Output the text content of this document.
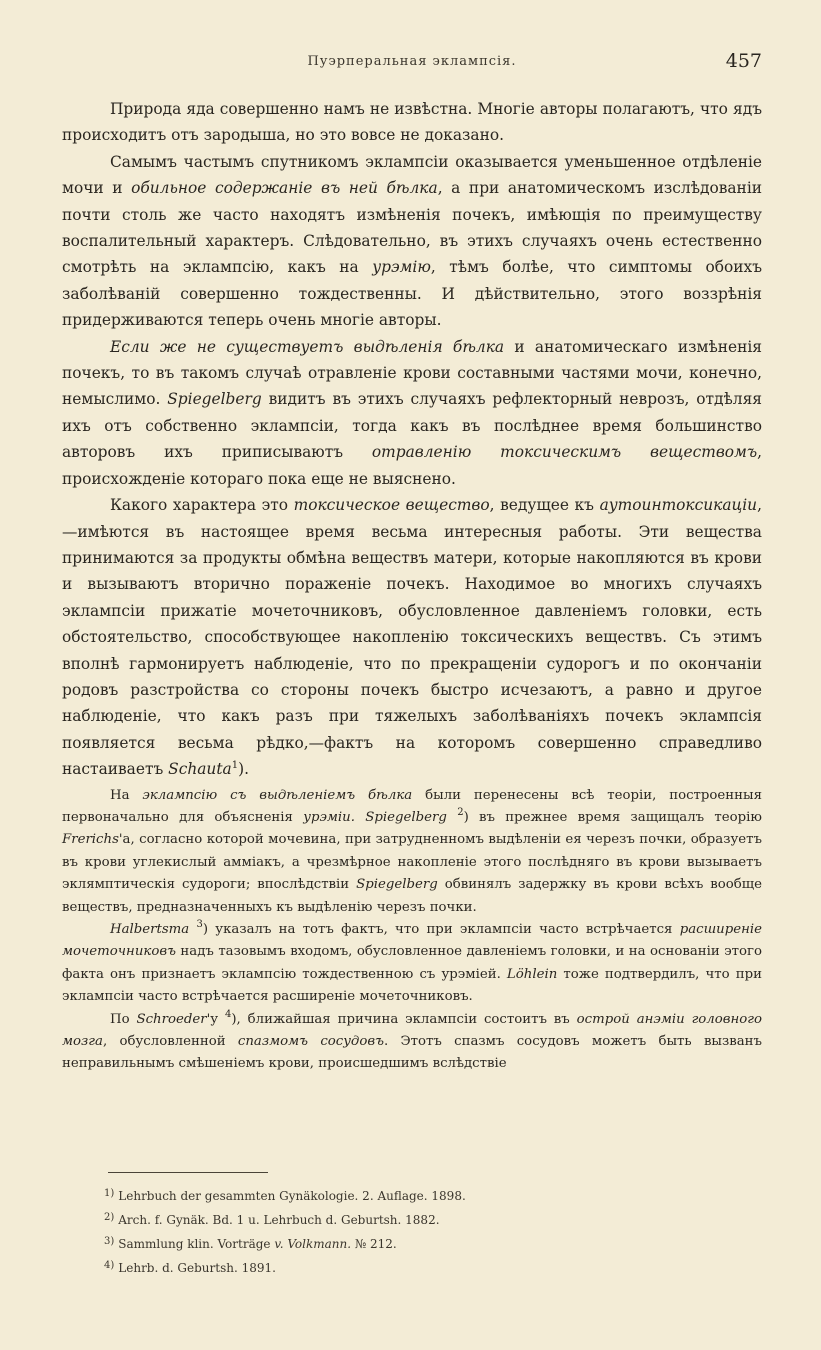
Пуэрперальная эклампсія.	457

Природа яда совершенно намъ не извѣстна. Многіе авторы полагаютъ, что ядъ происходитъ отъ зародыша, но это вовсе не доказано.

Самымъ частымъ спутникомъ эклампсіи оказывается уменьшенное отдѣленіе мочи и обильное содержаніе въ ней бѣлка, а при анатомическомъ изслѣдованіи почти столь же часто находятъ измѣненія почекъ, имѣющія по преимуществу воспалительный характеръ. Слѣдовательно, въ этихъ случаяхъ очень естественно смотрѣть на эклампсію, какъ на урэмію, тѣмъ болѣе, что симптомы обоихъ заболѣваній совершенно тождественны. И дѣйствительно, этого воззрѣнія придерживаются теперь очень многіе авторы.

Если же не существуетъ выдѣленія бѣлка и анатомическаго измѣненія почекъ, то въ такомъ случаѣ отравленіе крови составными частями мочи, конечно, немыслимо. Spiegelberg видитъ въ этихъ случаяхъ рефлекторный неврозъ, отдѣляя ихъ отъ собственно эклампсіи, тогда какъ въ послѣднее время большинство авторовъ ихъ приписываютъ отравленію токсическимъ веществомъ, происхожденіе котораго пока еще не выяснено.

Какого характера это токсическое вещество, ведущее къ аутоинтоксикаціи,—имѣются въ настоящее время весьма интересныя работы. Эти вещества принимаются за продукты обмѣна веществъ матери, которые накопляются въ крови и вызываютъ вторично пораженіе почекъ. Находимое во многихъ случаяхъ эклампсіи прижатіе мочеточниковъ, обусловленное давленіемъ головки, есть обстоятельство, способствующее накопленію токсическихъ веществъ. Съ этимъ вполнѣ гармонируетъ наблюденіе, что по прекращеніи судорогъ и по окончаніи родовъ разстройства со стороны почекъ быстро исчезаютъ, а равно и другое наблюденіе, что какъ разъ при тяжелыхъ заболѣваніяхъ почекъ эклампсія появляется весьма рѣдко,—фактъ на которомъ совершенно справедливо настаиваетъ Schauta$^1$).

На эклампсію съ выдѣленіемъ бѣлка были перенесены всѣ теоріи, построенныя первоначально для объясненія урэміи. Spiegelberg $^2$) въ прежнее время защищалъ теорію Frerichs'а, согласно которой мочевина, при затрудненномъ выдѣленіи ея черезъ почки, образуетъ въ крови углекислый амміакъ, а чрезмѣрное накопленіе этого послѣдняго въ крови вызываетъ эклямптическія судороги; впослѣдствіи Spiegelberg обвинялъ задержку въ крови всѣхъ вообще веществъ, предназначенныхъ къ выдѣленію черезъ почки.

Halbertsma $^3$) указалъ на тотъ фактъ, что при эклампсіи часто встрѣчается расширеніе мочеточниковъ надъ тазовымъ входомъ, обусловленное давленіемъ головки, и на основаніи этого факта онъ признаетъ эклампсію тождественною съ урэміей. Löhlein тоже подтвердилъ, что при эклампсіи часто встрѣчается расширеніе мочеточниковъ.

По Schroeder'у $^4$), ближайшая причина эклампсіи состоитъ въ острой анэміи головного мозга, обусловленной спазмомъ сосудовъ. Этотъ спазмъ сосудовъ можетъ быть вызванъ неправильнымъ смѣшеніемъ крови, происшедшимъ вслѣдствіе

$^{1)}$ Lehrbuch der gesammten Gynäkologie. 2. Auflage. 1898.
$^{2)}$ Arch. f. Gynäk. Bd. 1 u. Lehrbuch d. Geburtsh. 1882.
$^{3)}$ Sammlung klin. Vorträge v. Volkmann. № 212.
$^{4)}$ Lehrb. d. Geburtsh. 1891.
